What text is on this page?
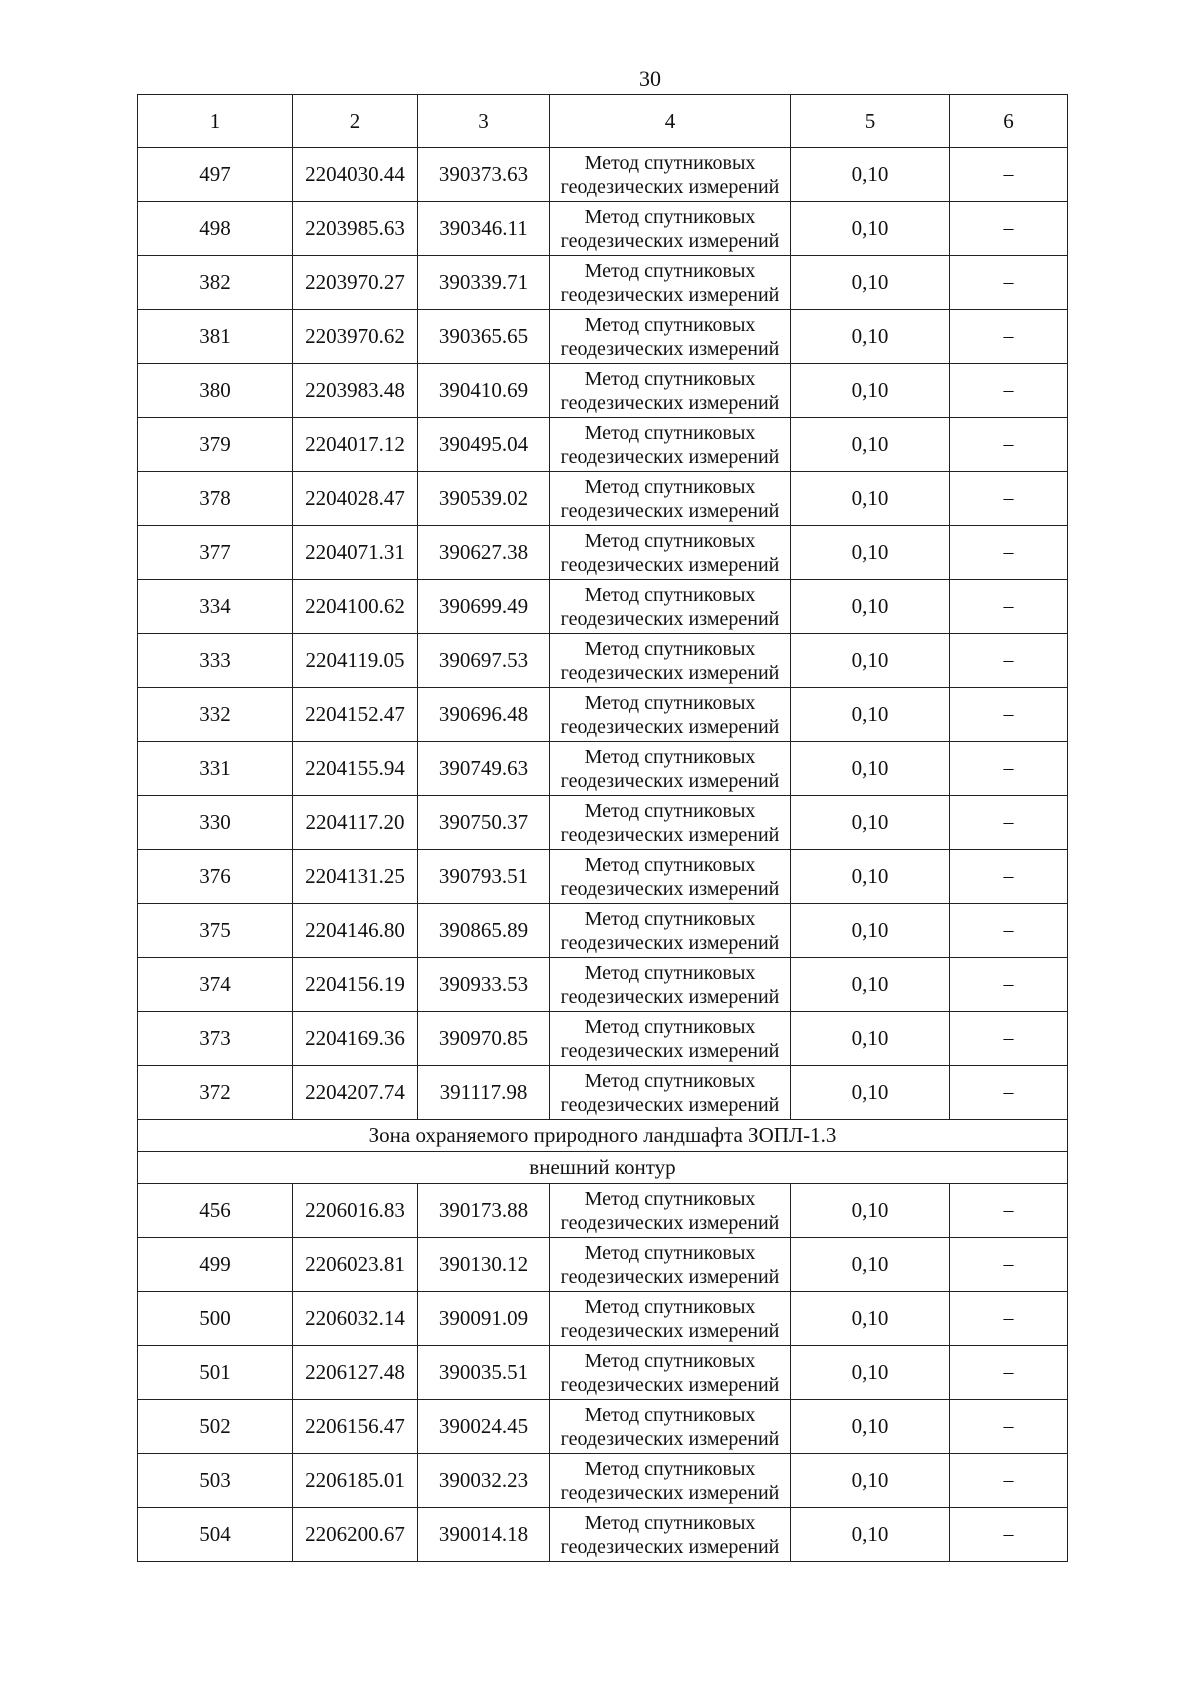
30
1	2	3	4	5	6
497	2204030.44	390373.63	Метод спутниковых
геодезических измерений	0,10	–
498	2203985.63	390346.11	Метод спутниковых
геодезических измерений	0,10	–
382	2203970.27	390339.71	Метод спутниковых
геодезических измерений	0,10	–
381	2203970.62	390365.65	Метод спутниковых
геодезических измерений	0,10	–
380	2203983.48	390410.69	Метод спутниковых
геодезических измерений	0,10	–
379	2204017.12	390495.04	Метод спутниковых
геодезических измерений	0,10	–
378	2204028.47	390539.02	Метод спутниковых
геодезических измерений	0,10	–
377	2204071.31	390627.38	Метод спутниковых
геодезических измерений	0,10	–
334	2204100.62	390699.49	Метод спутниковых
геодезических измерений	0,10	–
333	2204119.05	390697.53	Метод спутниковых
геодезических измерений	0,10	–
332	2204152.47	390696.48	Метод спутниковых
геодезических измерений	0,10	–
331	2204155.94	390749.63	Метод спутниковых
геодезических измерений	0,10	–
330	2204117.20	390750.37	Метод спутниковых
геодезических измерений	0,10	–
376	2204131.25	390793.51	Метод спутниковых
геодезических измерений	0,10	–
375	2204146.80	390865.89	Метод спутниковых
геодезических измерений	0,10	–
374	2204156.19	390933.53	Метод спутниковых
геодезических измерений	0,10	–
373	2204169.36	390970.85	Метод спутниковых
геодезических измерений	0,10	–
372	2204207.74	391117.98	Метод спутниковых
геодезических измерений	0,10	–
Зона охраняемого природного ландшафта ЗОПЛ-1.3					
внешний контур					
456	2206016.83	390173.88	Метод спутниковых
геодезических измерений	0,10	–
499	2206023.81	390130.12	Метод спутниковых
геодезических измерений	0,10	–
500	2206032.14	390091.09	Метод спутниковых
геодезических измерений	0,10	–
501	2206127.48	390035.51	Метод спутниковых
геодезических измерений	0,10	–
502	2206156.47	390024.45	Метод спутниковых
геодезических измерений	0,10	–
503	2206185.01	390032.23	Метод спутниковых
геодезических измерений	0,10	–
504	2206200.67	390014.18	Метод спутниковых
геодезических измерений	0,10	–
